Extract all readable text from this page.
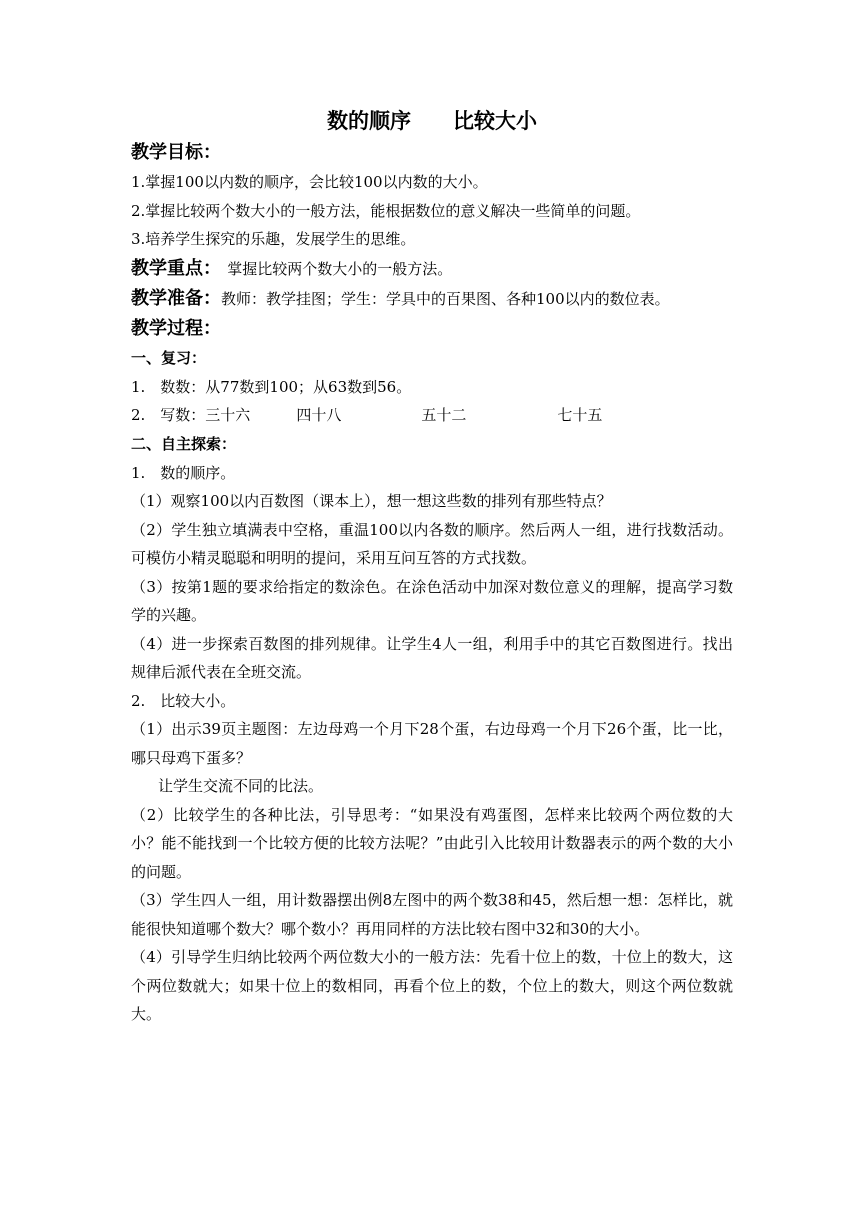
数的顺序　　比较大小
教学目标：
1.掌握100以内数的顺序，会比较100以内数的大小。
2.掌握比较两个数大小的一般方法，能根据数位的意义解决一些简单的问题。
3.培养学生探究的乐趣，发展学生的思维。
教学重点： 掌握比较两个数大小的一般方法。
教学准备：教师：教学挂图；学生：学具中的百果图、各种100以内的数位表。
教学过程：
一、复习：
1.　数数：从77数到100；从63数到56。
2.　写数：三十六	四十八	五十二	七十五
二、自主探索：
1.　数的顺序。
（1）观察100以内百数图（课本上），想一想这些数的排列有那些特点？
（2）学生独立填满表中空格，重温100以内各数的顺序。然后两人一组，进行找数活动。可模仿小精灵聪聪和明明的提问，采用互问互答的方式找数。
（3）按第1题的要求给指定的数涂色。在涂色活动中加深对数位意义的理解，提高学习数学的兴趣。
（4）进一步探索百数图的排列规律。让学生4人一组，利用手中的其它百数图进行。找出规律后派代表在全班交流。
2.　比较大小。
（1）出示39页主题图：左边母鸡一个月下28个蛋，右边母鸡一个月下26个蛋，比一比，哪只母鸡下蛋多？
让学生交流不同的比法。
（2）比较学生的各种比法，引导思考：“如果没有鸡蛋图，怎样来比较两个两位数的大小？能不能找到一个比较方便的比较方法呢？”由此引入比较用计数器表示的两个数的大小的问题。
（3）学生四人一组，用计数器摆出例8左图中的两个数38和45，然后想一想：怎样比，就能很快知道哪个数大？哪个数小？再用同样的方法比较右图中32和30的大小。
（4）引导学生归纳比较两个两位数大小的一般方法：先看十位上的数，十位上的数大，这个两位数就大；如果十位上的数相同，再看个位上的数，个位上的数大，则这个两位数就大。
